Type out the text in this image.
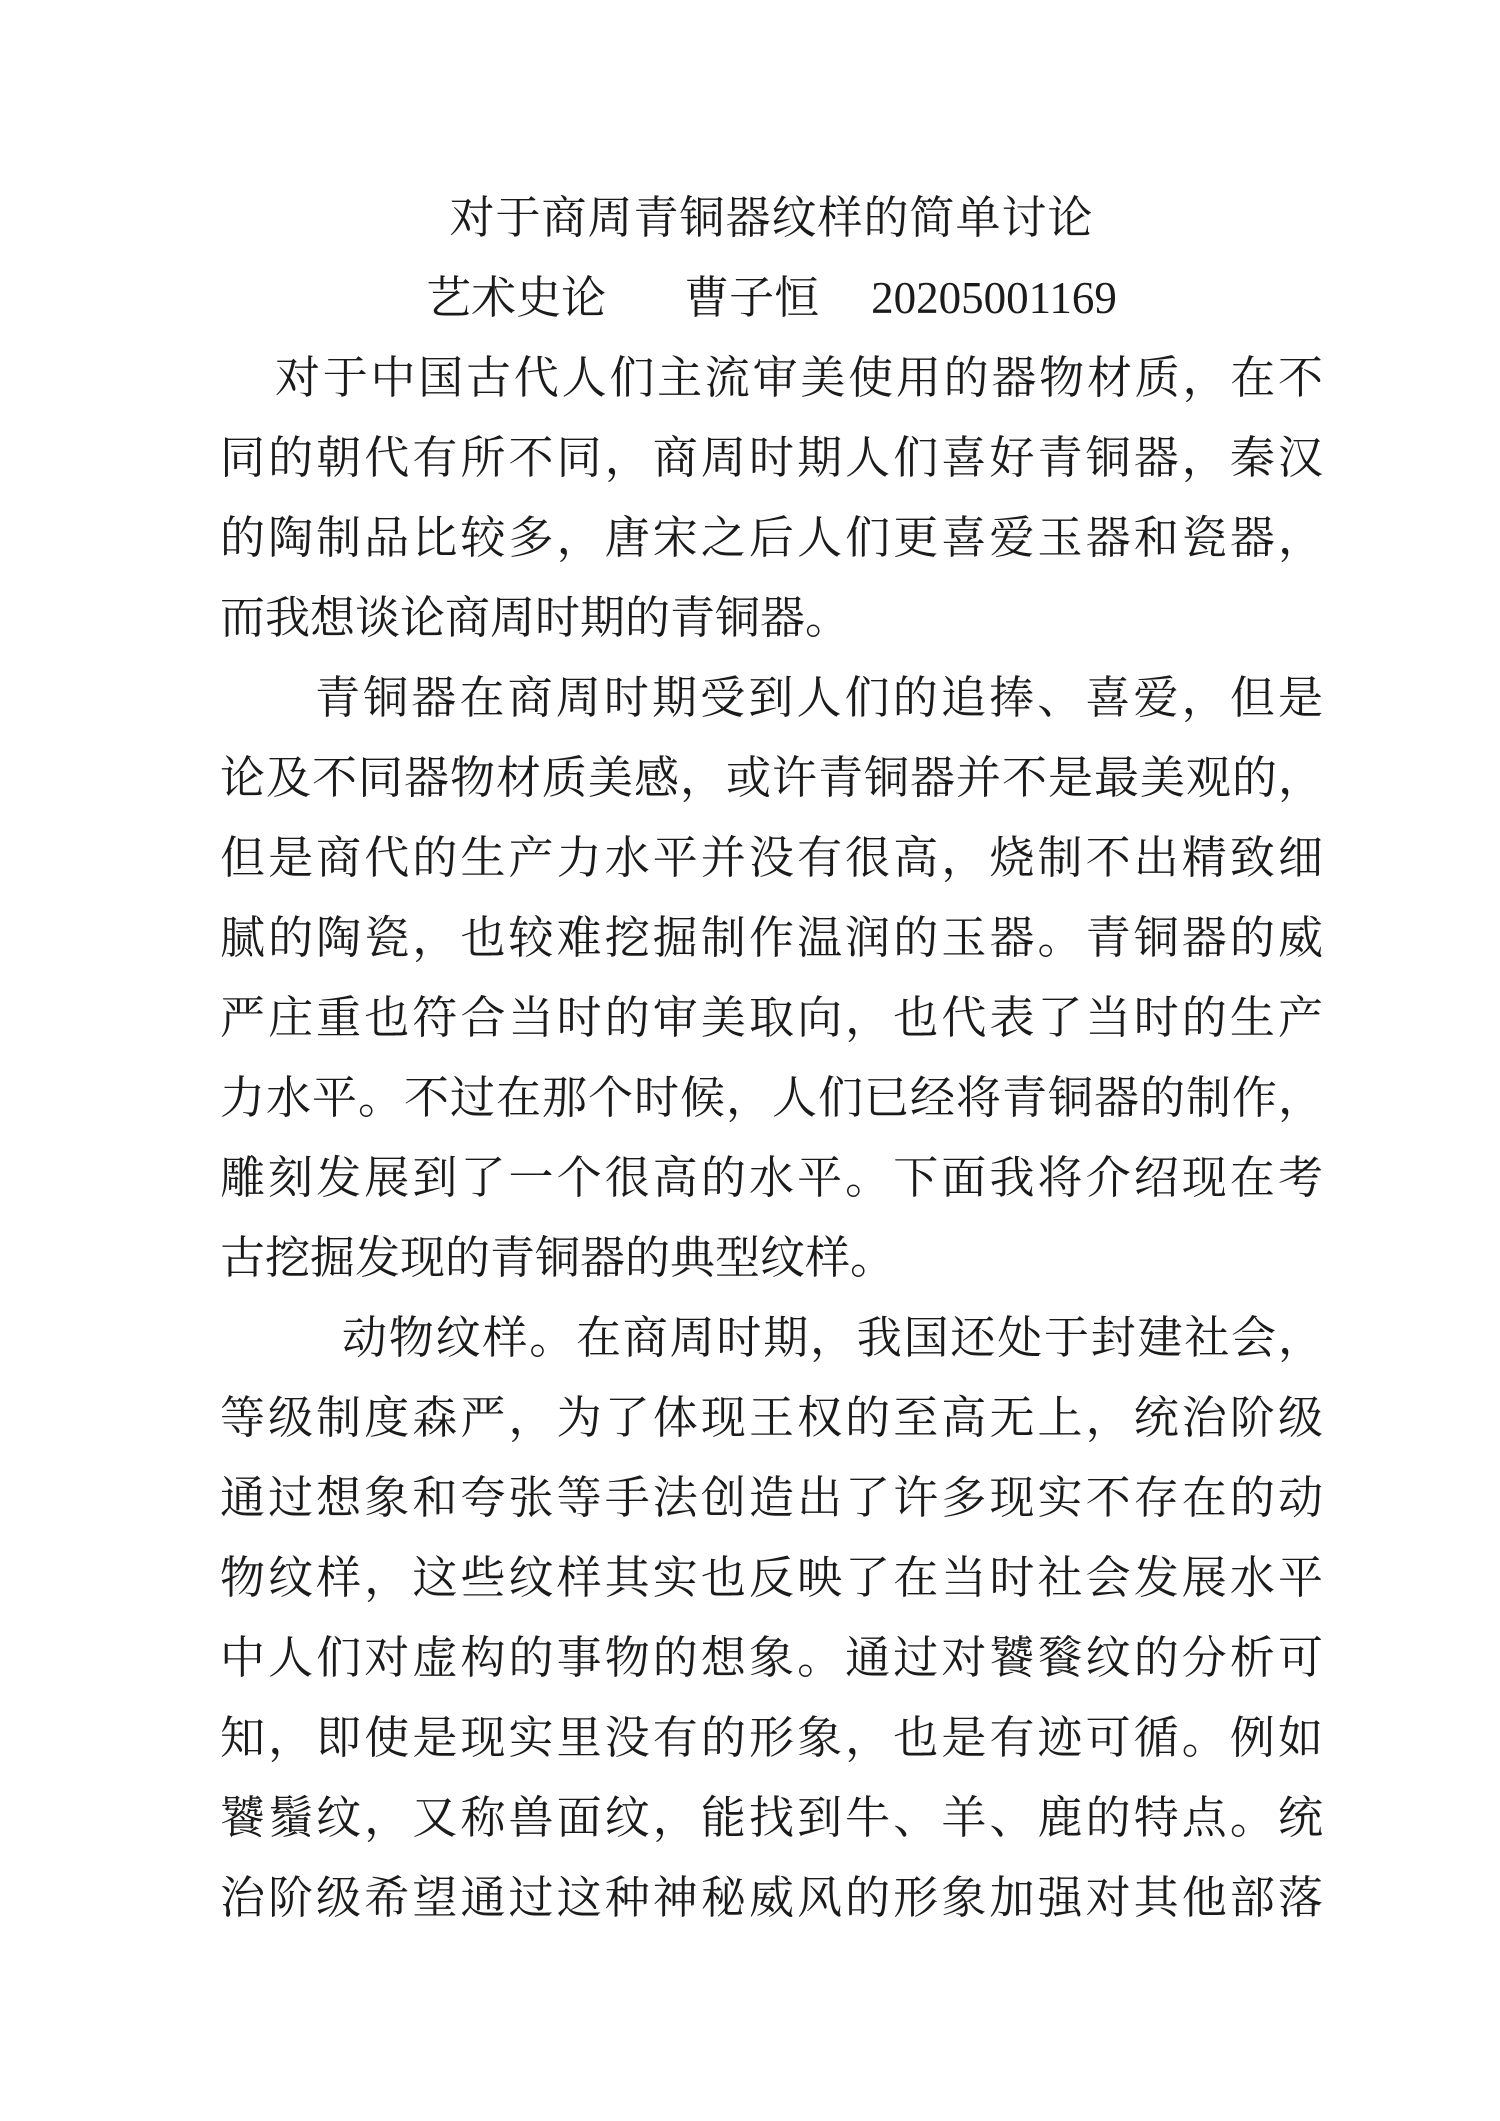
对于商周青铜器纹样的简单讨论
艺术史论 曹子恒 20205001169
对于中国古代人们主流审美使用的器物材质，在不
同的朝代有所不同，商周时期人们喜好青铜器，秦汉
的陶制品比较多，唐宋之后人们更喜爱玉器和瓷器，
而我想谈论商周时期的青铜器。
青铜器在商周时期受到人们的追捧、喜爱，但是
论及不同器物材质美感，或许青铜器并不是最美观的，
但是商代的生产力水平并没有很高，烧制不出精致细
腻的陶瓷，也较难挖掘制作温润的玉器。青铜器的威
严庄重也符合当时的审美取向，也代表了当时的生产
力水平。不过在那个时候，人们已经将青铜器的制作，
雕刻发展到了一个很高的水平。下面我将介绍现在考
古挖掘发现的青铜器的典型纹样。
动物纹样。在商周时期，我国还处于封建社会，
等级制度森严，为了体现王权的至高无上，统治阶级
通过想象和夸张等手法创造出了许多现实不存在的动
物纹样，这些纹样其实也反映了在当时社会发展水平
中人们对虚构的事物的想象。通过对饕餮纹的分析可
知，即使是现实里没有的形象，也是有迹可循。例如
饕鬚纹，又称兽面纹，能找到牛、羊、鹿的特点。统
治阶级希望通过这种神秘威风的形象加强对其他部落
